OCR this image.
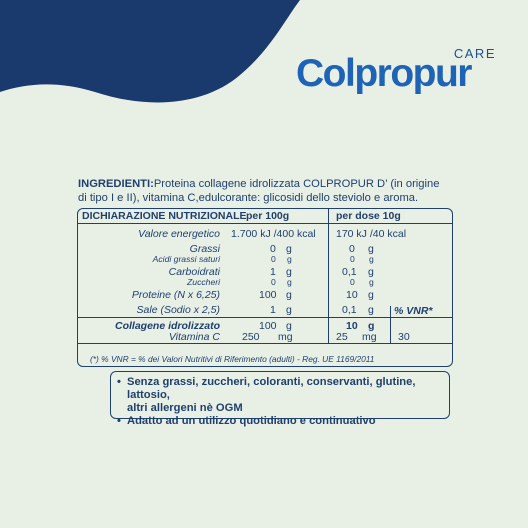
CARE
Colpropur
INGREDIENTI:Proteina collagene idrolizzata COLPROPUR D’ (in origine
di tipo I e II), vitamina C,edulcorante: glicosidi dello steviolo e aroma.
DICHIARAZIONE NUTRIZIONALE per 100g	per dose 10g
Valore energetico 1.700 kJ /400 kcal 170 kJ /40 kcal
Grassi	0 g	0 g
Acidi grassi saturi	0 g	0 g
Carboidrati	1 g	0,1 g
Zuccheri	0 g	0 g
Proteine (N x 6,25)	100 g	10 g
Sale (Sodio x 2,5)	1 g	0,1 g % VNR*
Collagene idrolizzato	100 g	10 g
Vitamina C 250 mg	25 mg 30
(*) % VNR = % dei Valori Nutritivi di Riferimento (adulti) - Reg. UE 1169/2011
• Senza grassi, zuccheri, coloranti, conservanti, glutine, lattosio,
altri allergeni nè OGM
• Adatto ad un utilizzo quotidiano e continuativo
